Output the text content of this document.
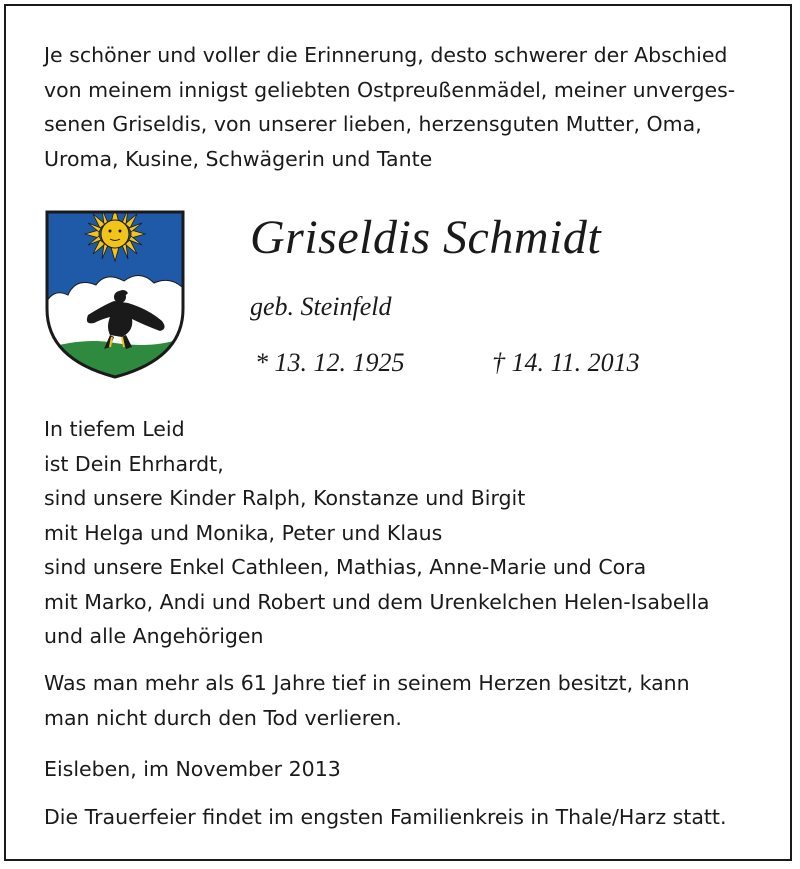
Je schöner und voller die Erinnerung, desto schwerer der Abschied
von meinem innigst geliebten Ostpreußenmädel, meiner unverges-
senen Griseldis, von unserer lieben, herzensguten Mutter, Oma,
Uroma, Kusine, Schwägerin und Tante
Griseldis Schmidt
geb. Steinfeld
* 13. 12. 1925	† 14. 11. 2013
In tiefem Leid
ist Dein Ehrhardt,
sind unsere Kinder Ralph, Konstanze und Birgit
mit Helga und Monika, Peter und Klaus
sind unsere Enkel Cathleen, Mathias, Anne-Marie und Cora
mit Marko, Andi und Robert und dem Urenkelchen Helen-Isabella
und alle Angehörigen
Was man mehr als 61 Jahre tief in seinem Herzen besitzt, kann
man nicht durch den Tod verlieren.
Eisleben, im November 2013
Die Trauerfeier findet im engsten Familienkreis in Thale/Harz statt.
